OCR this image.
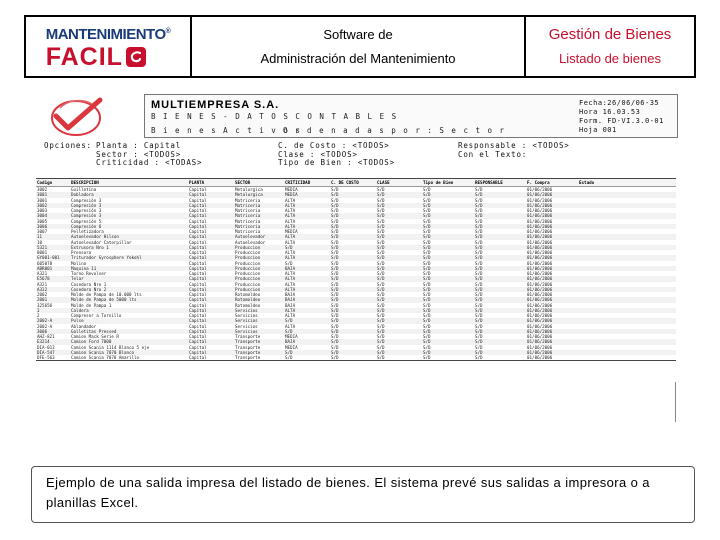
MANTENIMIENTO®
FACIL
Software de
Administración del Mantenimiento
Gestión de Bienes
Listado de bienes
MULTIEMPRESA S.A.
B I E N E S - D A T O S C O N T A B L E S
B i e n e s A c t i v o s
O r d e n a d a s p o r : S e c t o r
Fecha:26/06/06-35
Hora 16.03.53
Form. FD-VI.3.0-01
Hoja 001
Opciones: Planta : Capital	C. de Costo : <TODOS>	Responsable : <TODOS>
Sector : <TODOS>	Clase : <TODOS>	Con el Texto:
Criticidad : <TODAS>	Tipo de Bien : <TODOS>
Codigo	DESCRIPCION	PLANTA	SECTOR	CRITICIDAD	C. DE COSTO	CLASE	Tipo de Bien	RESPONSABLE	F. Compra	Estado
3002	Guillotina	Capital	Metalurgica	MEDIA	S/D	S/D	S/D	S/D	01/06/2006	
3001	Dobladora	Capital	Metalurgica	MEDIA	S/D	S/D	S/D	S/D	01/06/2006	
3001	Compresión 3	Capital	Matriceria	ALTA	S/D	S/D	S/D	S/D	01/06/2006	
3002	Compresión 3	Capital	Matriceria	ALTA	S/D	S/D	S/D	S/D	01/06/2006	
3003	Compresión 3	Capital	Matriceria	ALTA	S/D	S/D	S/D	S/D	01/06/2006	
3004	Compresión 3	Capital	Matriceria	ALTA	S/D	S/D	S/D	S/D	01/06/2006	
3005	Compresión 5	Capital	Matriceria	ALTA	S/D	S/D	S/D	S/D	01/06/2006	
3006	Compresión 6	Capital	Matriceria	ALTA	S/D	S/D	S/D	S/D	01/06/2006	
3007	Pelletizadora	Capital	Matriceria	MEDIA	S/D	S/D	S/D	S/D	01/06/2006	
11	Autoelevador Hilson	Capital	Autoelevador	ALTA	S/D	S/D	S/D	S/D	01/06/2006	
10	Autoelevador Caterpillar	Capital	Autoelevador	ALTA	S/D	S/D	S/D	S/D	01/06/2006	
5321	Extrusora Nro 1	Capital	Produccion	S/D	S/D	S/D	S/D	S/D	01/06/2006	
8001	Prensora	Capital	Produccion	ALTA	S/D	S/D	S/D	S/D	01/06/2006	
GY001-001	Triturador Gyrosphere Yokohl	Capital	Produccion	ALTA	S/D	S/D	S/D	S/D	01/06/2006	
605078	Molino	Capital	Produccion	S/D	S/D	S/D	S/D	S/D	01/06/2006	
ABR001	Maquina 11	Capital	Produccion	BAJA	S/D	S/D	S/D	S/D	01/06/2006	
A321	Torno Revolver	Capital	Produccion	ALTA	S/D	S/D	S/D	S/D	01/06/2006	
E5678	Telar	Capital	Produccion	ALTA	S/D	S/D	S/D	S/D	01/06/2006	
A321	Cosedora Nro 1	Capital	Produccion	ALTA	S/D	S/D	S/D	S/D	01/06/2006	
A322	Cosedora Nro 2	Capital	Produccion	ALTA	S/D	S/D	S/D	S/D	01/06/2006	
2002	Molde de Pampa de 10.000 lts	Capital	Rotomoldeo	BAJA	S/D	S/D	S/D	S/D	01/06/2006	
2001	Molde de Pampa de 5000 lts	Capital	Rotomoldeo	BAJA	S/D	S/D	S/D	S/D	01/06/2006	
325656	Molde de Pampa 1	Capital	Rotomoldeo	BAJA	S/D	S/D	S/D	S/D	01/06/2006	
1	Caldera	Capital	Servicios	ALTA	S/D	S/D	S/D	S/D	01/06/2006	
2	Compresor a Tornillo	Capital	Servicios	ALTA	S/D	S/D	S/D	S/D	01/06/2006	
2002-A	Pulse	Capital	Servicios	S/D	S/D	S/D	S/D	S/D	01/06/2006	
2002-A	Ablandador	Capital	Servicios	ALTA	S/D	S/D	S/D	S/D	01/06/2006	
3006	Galletitas Pressed	Capital	Servicios	S/D	S/D	S/D	S/D	S/D	01/06/2006	
AHZ-821	Camion Mack Serie R	Capital	Transporte	MEDIA	S/D	S/D	S/D	S/D	01/06/2006	
E3214	Camion Ford 7000	Capital	Transporte	BAJA	S/D	S/D	S/D	S/D	01/06/2006	
DIA-013	Camion Scania 1114 Blanco 5 eje	Capital	Transporte	MEDIA	S/D	S/D	S/D	S/D	01/06/2006	
DIA-547	Camion Scania 7070 Blanco	Capital	Transporte	S/D	S/D	S/D	S/D	S/D	01/06/2006	
DFE-563	Camion Scania 7070 Amarillo	Capital	Transporte	S/D	S/D	S/D	S/D	S/D	01/06/2006	
Ejemplo de una salida impresa del listado de bienes. El sistema prevé sus salidas a impresora o a planillas Excel.
